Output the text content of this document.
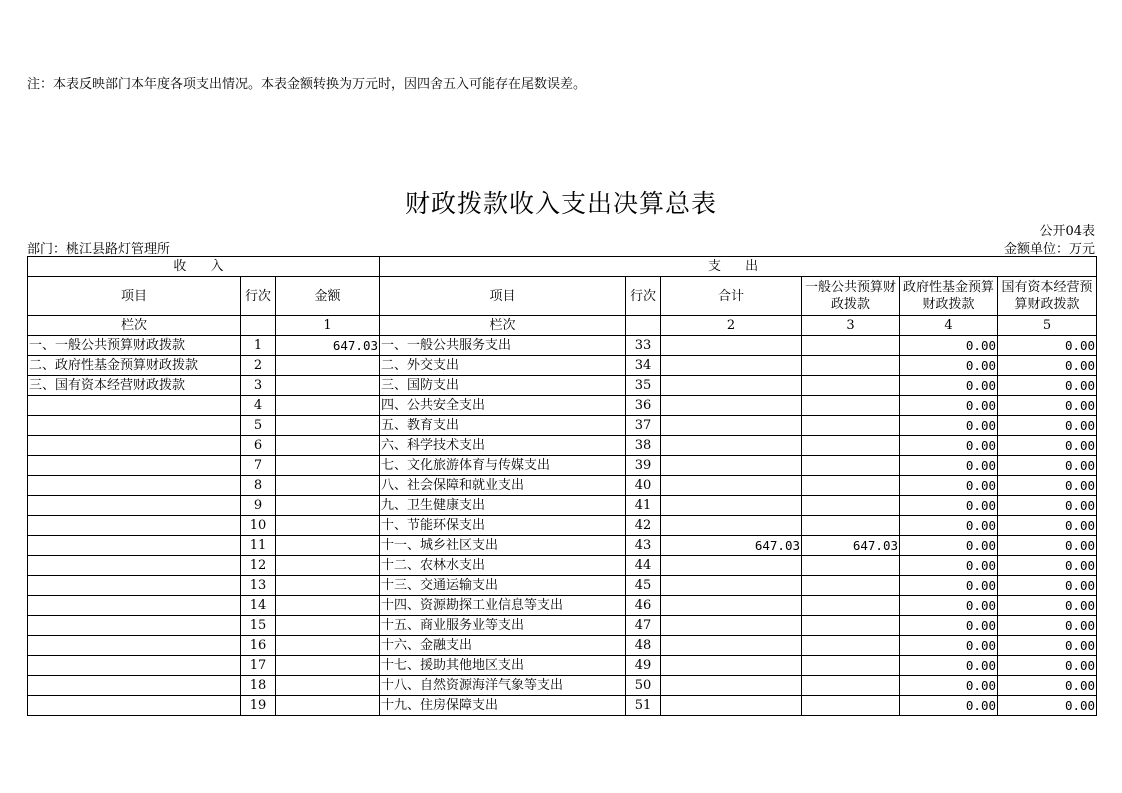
注：本表反映部门本年度各项支出情况。本表金额转换为万元时，因四舍五入可能存在尾数误差。
财政拨款收入支出决算总表
公开04表
部门：桃江县路灯管理所	金额单位：万元
收 入			支 出					
项目	行次	金额	项目	行次	合计	一般公共预算财政拨款	政府性基金预算财政拨款	国有资本经营预算财政拨款
栏次		1	栏次		2	3	4	5
一、一般公共预算财政拨款	1	647.03	一、一般公共服务支出	33			0.00	0.00
二、政府性基金预算财政拨款	2		二、外交支出	34			0.00	0.00
三、国有资本经营财政拨款	3		三、国防支出	35			0.00	0.00
	4		四、公共安全支出	36			0.00	0.00
	5		五、教育支出	37			0.00	0.00
	6		六、科学技术支出	38			0.00	0.00
	7		七、文化旅游体育与传媒支出	39			0.00	0.00
	8		八、社会保障和就业支出	40			0.00	0.00
	9		九、卫生健康支出	41			0.00	0.00
	10		十、节能环保支出	42			0.00	0.00
	11		十一、城乡社区支出	43	647.03	647.03	0.00	0.00
	12		十二、农林水支出	44			0.00	0.00
	13		十三、交通运输支出	45			0.00	0.00
	14		十四、资源勘探工业信息等支出	46			0.00	0.00
	15		十五、商业服务业等支出	47			0.00	0.00
	16		十六、金融支出	48			0.00	0.00
	17		十七、援助其他地区支出	49			0.00	0.00
	18		十八、自然资源海洋气象等支出	50			0.00	0.00
	19		十九、住房保障支出	51			0.00	0.00
